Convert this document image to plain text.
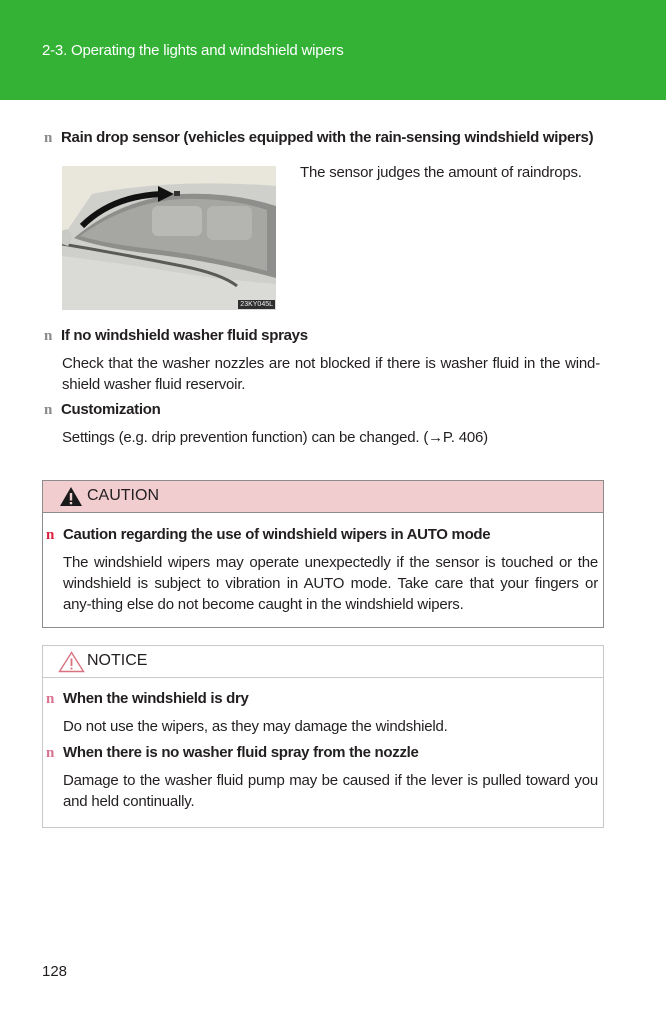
2-3. Operating the lights and windshield wipers
n Rain drop sensor (vehicles equipped with the rain-sensing windshield wipers)
23KY045L
The sensor judges the amount of raindrops.
n If no windshield washer fluid sprays
Check that the washer nozzles are not blocked if there is washer fluid in the wind-shield washer fluid reservoir.
n Customization
Settings (e.g. drip prevention function) can be changed. (→P. 406)
CAUTION
n Caution regarding the use of windshield wipers in AUTO mode
The windshield wipers may operate unexpectedly if the sensor is touched or the windshield is subject to vibration in AUTO mode. Take care that your fingers or any-thing else do not become caught in the windshield wipers.
NOTICE
n When the windshield is dry
Do not use the wipers, as they may damage the windshield.
n When there is no washer fluid spray from the nozzle
Damage to the washer fluid pump may be caused if the lever is pulled toward you and held continually.
128
